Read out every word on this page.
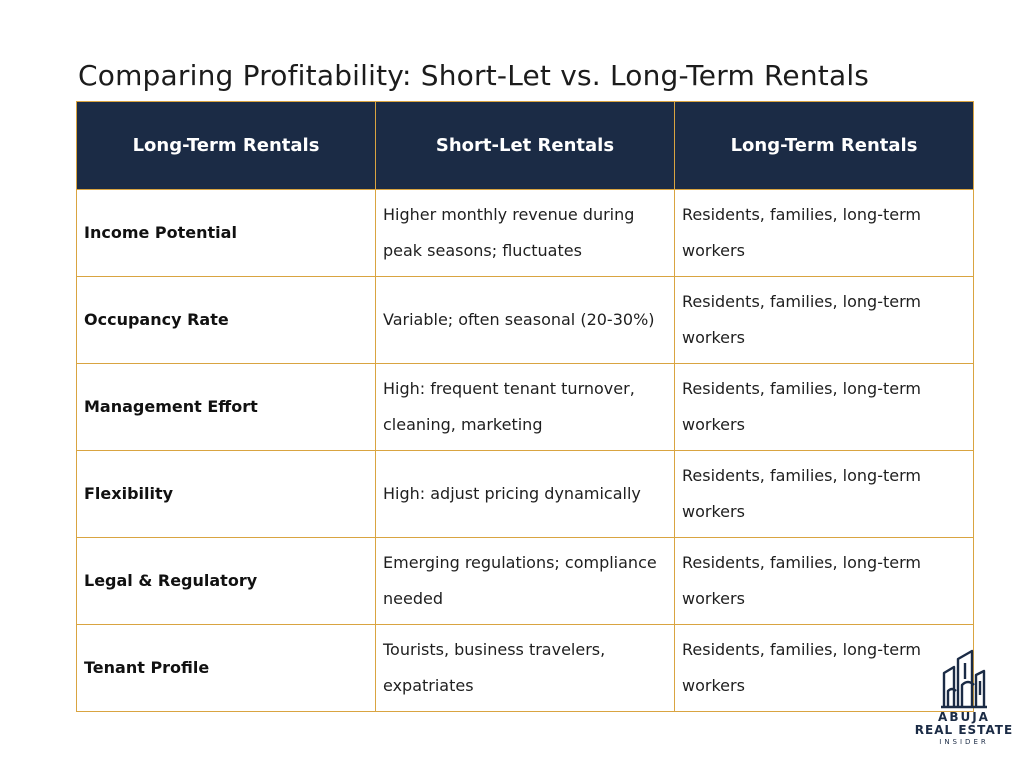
Comparing Profitability: Short-Let vs. Long-Term Rentals
Long-Term Rentals	Short-Let Rentals	Long-Term Rentals
Income Potential	Higher monthly revenue during peak seasons; fluctuates	Residents, families, long-term workers
Occupancy Rate	Variable; often seasonal (20-30%)	Residents, families, long-term workers
Management Effort	High: frequent tenant turnover, cleaning, marketing	Residents, families, long-term workers
Flexibility	High: adjust pricing dynamically	Residents, families, long-term workers
Legal & Regulatory	Emerging regulations; compliance needed	Residents, families, long-term workers
Tenant Profile	Tourists, business travelers, expatriates	Residents, families, long-term workers
ABUJA
REAL ESTATE
INSIDER
